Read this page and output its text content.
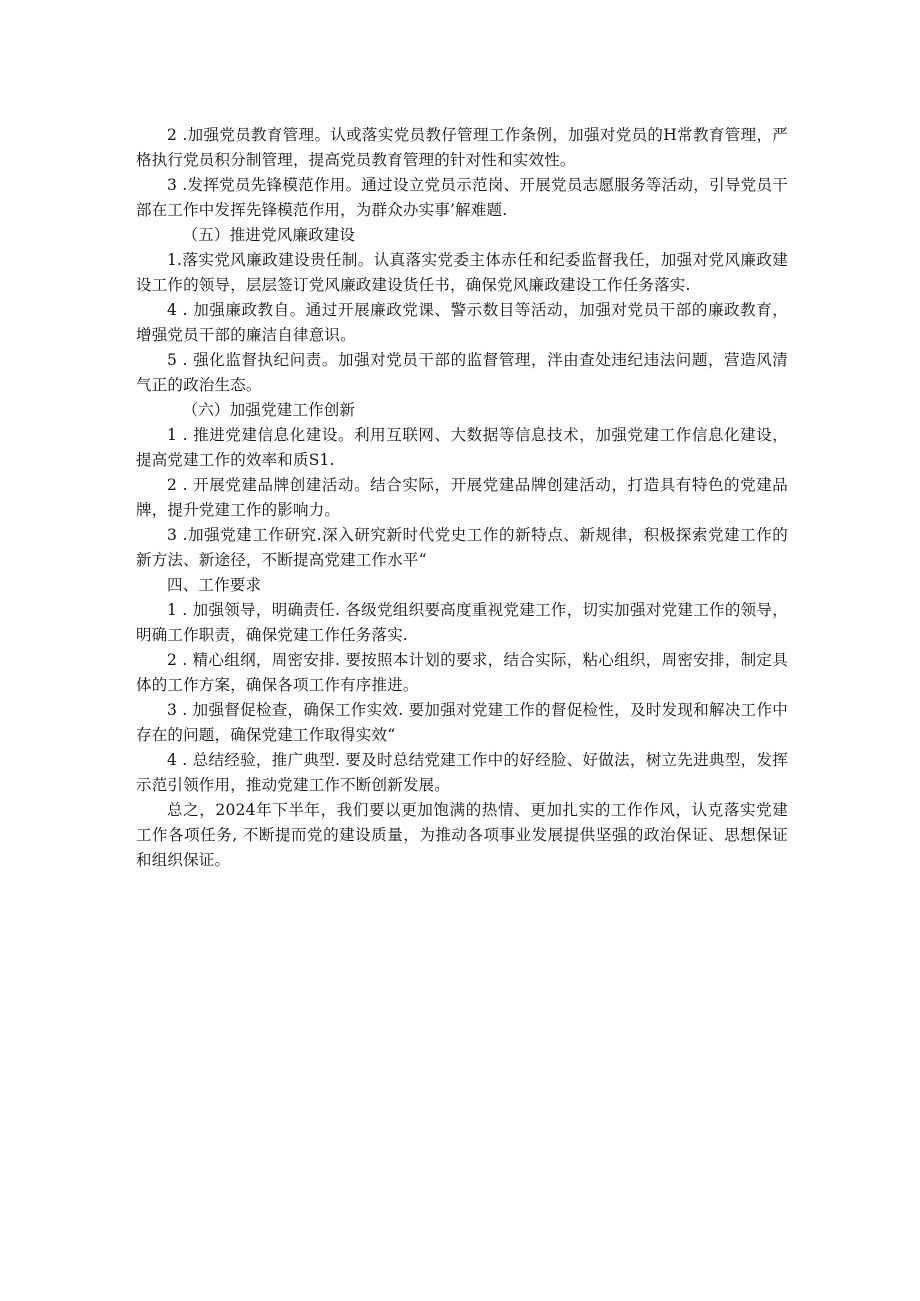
2 .加强党员教育管理。认或落实党员教仔管理工作条例，加强对党员的H常教育管理，严格执行党员积分制管理，提高党员教育管理的针对性和实效性。

3 .发挥党员先锋模范作用。通过设立党员示范岗、开展党员志愿服务等活动，引导党员干部在工作中发挥先锋模范作用，为群众办实事’解难题.

（五）推进党风廉政建设

1.落实党风廉政建设贵任制。认真落实党委主体赤任和纪委监督我任，加强对党风廉政建设工作的领导，层层签订党风廉政建设货任书，确保党风廉政建设工作任务落实.

4 . 加强廉政教自。通过开展廉政党课、警示数目等活动，加强对党员干部的廉政教育，增强党员干部的廉洁自律意识。

5 . 强化监督执纪问责。加强对党员干部的监督管理，泮由查处违纪违法问题，营造风清气正的政治生态。

（六）加强党建工作创新

1 . 推进党建信息化建设。利用互联网、大数据等信息技术，加强党建工作信息化建设，提高党建工作的效率和质S1.

2 . 开展党建品牌创建活动。结合实际，开展党建品牌创建活动，打造具有特色的党建品牌，提升党建工作的影响力。

3 .加强党建工作研究.深入研究新时代党史工作的新特点、新规律，积极探索党建工作的新方法、新途径，不断提高党建工作水平“

四、工作要求

1 . 加强领导，明确责任. 各级党组织要高度重视党建工作，切实加强对党建工作的领导，明确工作职责，确保党建工作任务落实.

2 . 精心组纲，周密安排. 要按照本计划的要求，结合实际，粘心组织，周密安排，制定具体的工作方案，确保各项工作有序推进。

3 . 加强督促检查，确保工作实效. 要加强对党建工作的督促检性，及时发现和解决工作中存在的问题，确保党建工作取得实效“

4 . 总结经验，推广典型. 要及时总结党建工作中的好经脸、好做法，树立先进典型，发挥示范引领作用，推动党建工作不断创新发展。

总之，2024年下半年，我们要以更加饱满的热情、更加扎实的工作作风，认克落实党建工作各项任务, 不断提而党的建设质量，为推动各项事业发展提供坚强的政治保证、思想保证和组织保证。
